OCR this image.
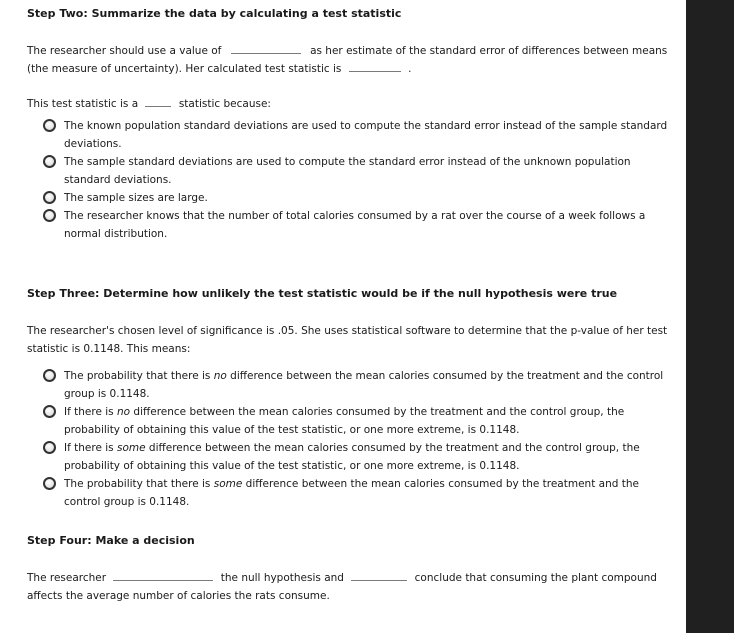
Step Two: Summarize the data by calculating a test statistic
The researcher should use a value of	as her estimate of the standard error of differences between means (the measure of uncertainty). Her calculated test statistic is	.
This test statistic is a	statistic because:
The known population standard deviations are used to compute the standard error instead of the sample standard deviations.
The sample standard deviations are used to compute the standard error instead of the unknown population standard deviations.
The sample sizes are large.
The researcher knows that the number of total calories consumed by a rat over the course of a week follows a normal distribution.
Step Three: Determine how unlikely the test statistic would be if the null hypothesis were true
The researcher's chosen level of significance is .05. She uses statistical software to determine that the p-value of her test statistic is 0.1148. This means:
The probability that there is no difference between the mean calories consumed by the treatment and the control group is 0.1148.
If there is no difference between the mean calories consumed by the treatment and the control group, the probability of obtaining this value of the test statistic, or one more extreme, is 0.1148.
If there is some difference between the mean calories consumed by the treatment and the control group, the probability of obtaining this value of the test statistic, or one more extreme, is 0.1148.
The probability that there is some difference between the mean calories consumed by the treatment and the control group is 0.1148.
Step Four: Make a decision
The researcher	the null hypothesis and	conclude that consuming the plant compound affects the average number of calories the rats consume.
